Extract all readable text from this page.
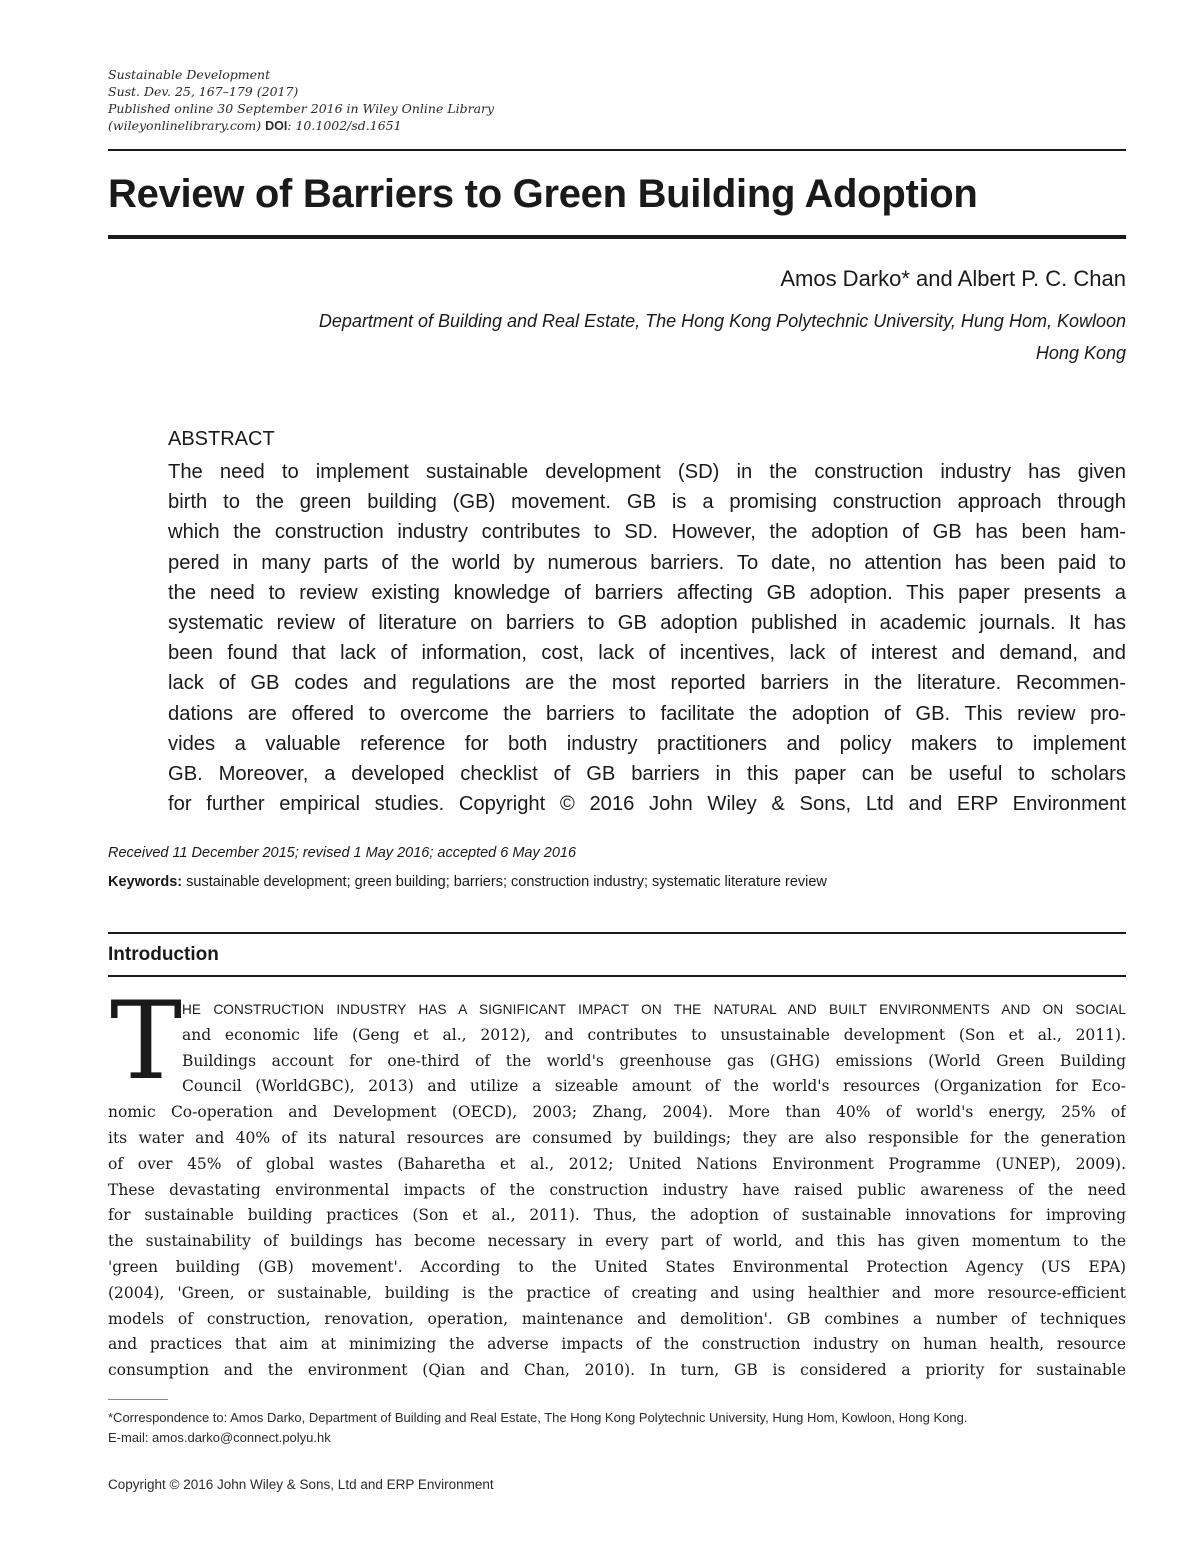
Sustainable Development
Sust. Dev. 25, 167–179 (2017)
Published online 30 September 2016 in Wiley Online Library
(wileyonlinelibrary.com) DOI: 10.1002/sd.1651
Review of Barriers to Green Building Adoption
Amos Darko* and Albert P. C. Chan
Department of Building and Real Estate, The Hong Kong Polytechnic University, Hung Hom, Kowloon
Hong Kong
ABSTRACT
The need to implement sustainable development (SD) in the construction industry has given
birth to the green building (GB) movement. GB is a promising construction approach through
which the construction industry contributes to SD. However, the adoption of GB has been ham-
pered in many parts of the world by numerous barriers. To date, no attention has been paid to
the need to review existing knowledge of barriers affecting GB adoption. This paper presents a
systematic review of literature on barriers to GB adoption published in academic journals. It has
been found that lack of information, cost, lack of incentives, lack of interest and demand, and
lack of GB codes and regulations are the most reported barriers in the literature. Recommen-
dations are offered to overcome the barriers to facilitate the adoption of GB. This review pro-
vides a valuable reference for both industry practitioners and policy makers to implement
GB. Moreover, a developed checklist of GB barriers in this paper can be useful to scholars
for further empirical studies. Copyright © 2016 John Wiley & Sons, Ltd and ERP Environment
Received 11 December 2015; revised 1 May 2016; accepted 6 May 2016
Keywords: sustainable development; green building; barriers; construction industry; systematic literature review
Introduction
T HE CONSTRUCTION INDUSTRY HAS A SIGNIFICANT IMPACT ON THE NATURAL AND BUILT ENVIRONMENTS AND ON SOCIAL
and economic life (Geng et al., 2012), and contributes to unsustainable development (Son et al., 2011).
Buildings account for one-third of the world's greenhouse gas (GHG) emissions (World Green Building
Council (WorldGBC), 2013) and utilize a sizeable amount of the world's resources (Organization for Eco-
nomic Co-operation and Development (OECD), 2003; Zhang, 2004). More than 40% of world's energy, 25% of
its water and 40% of its natural resources are consumed by buildings; they are also responsible for the generation
of over 45% of global wastes (Baharetha et al., 2012; United Nations Environment Programme (UNEP), 2009).
These devastating environmental impacts of the construction industry have raised public awareness of the need
for sustainable building practices (Son et al., 2011). Thus, the adoption of sustainable innovations for improving
the sustainability of buildings has become necessary in every part of world, and this has given momentum to the
'green building (GB) movement'. According to the United States Environmental Protection Agency (US EPA)
(2004), 'Green, or sustainable, building is the practice of creating and using healthier and more resource-efficient
models of construction, renovation, operation, maintenance and demolition'. GB combines a number of techniques
and practices that aim at minimizing the adverse impacts of the construction industry on human health, resource
consumption and the environment (Qian and Chan, 2010). In turn, GB is considered a priority for sustainable
*Correspondence to: Amos Darko, Department of Building and Real Estate, The Hong Kong Polytechnic University, Hung Hom, Kowloon, Hong Kong.
E-mail: amos.darko@connect.polyu.hk
Copyright © 2016 John Wiley & Sons, Ltd and ERP Environment
